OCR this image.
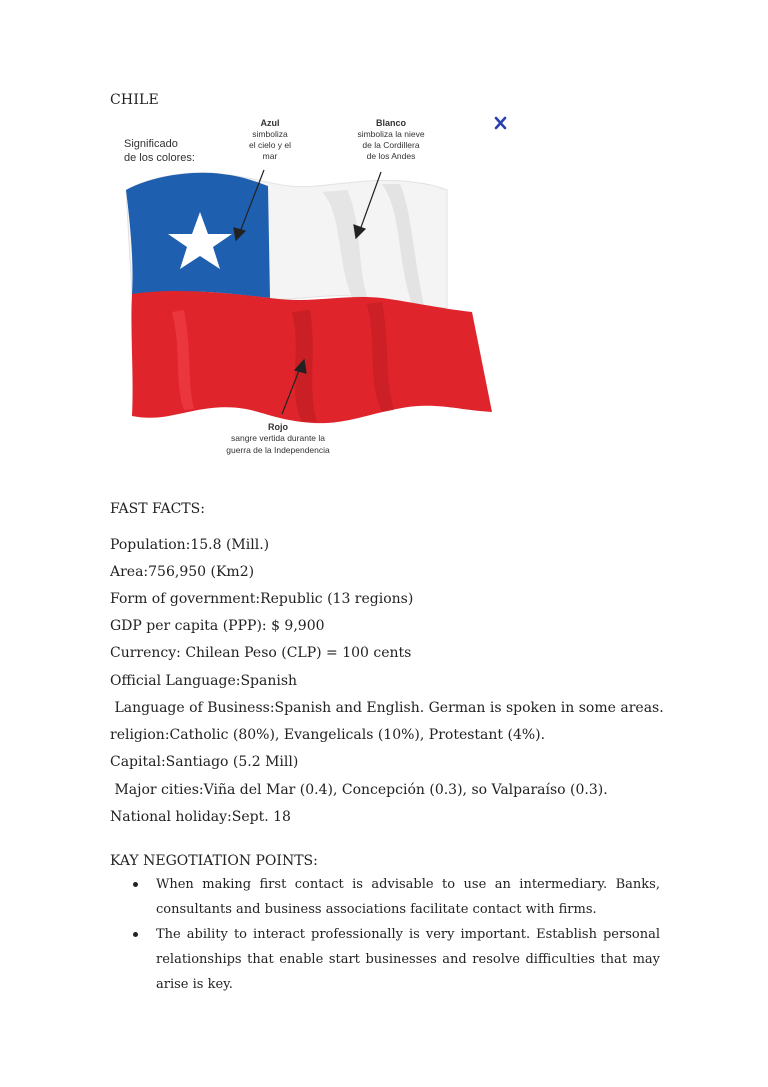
CHILE
Significado
de los colores:
Azul
simboliza
el cielo y el
mar
Blanco
simboliza la nieve
de la Cordillera
de los Andes
Rojo
sangre vertida durante la
guerra de la Independencia
FAST FACTS:
Population:15.8 (Mill.)
Area:756,950 (Km2)
Form of government:Republic (13 regions)
GDP per capita (PPP): $ 9,900
Currency: Chilean Peso (CLP) = 100 cents
Official Language:Spanish
Language of Business:Spanish and English. German is spoken in some areas.
religion:Catholic (80%), Evangelicals (10%), Protestant (4%).
Capital:Santiago (5.2 Mill)
Major cities:Viña del Mar (0.4), Concepción (0.3), so Valparaíso (0.3).
National holiday:Sept. 18
KAY NEGOTIATION POINTS:
When making first contact is advisable to use an intermediary. Banks, consultants and business associations facilitate contact with firms.
The ability to interact professionally is very important. Establish personal relationships that enable start businesses and resolve difficulties that may arise is key.
